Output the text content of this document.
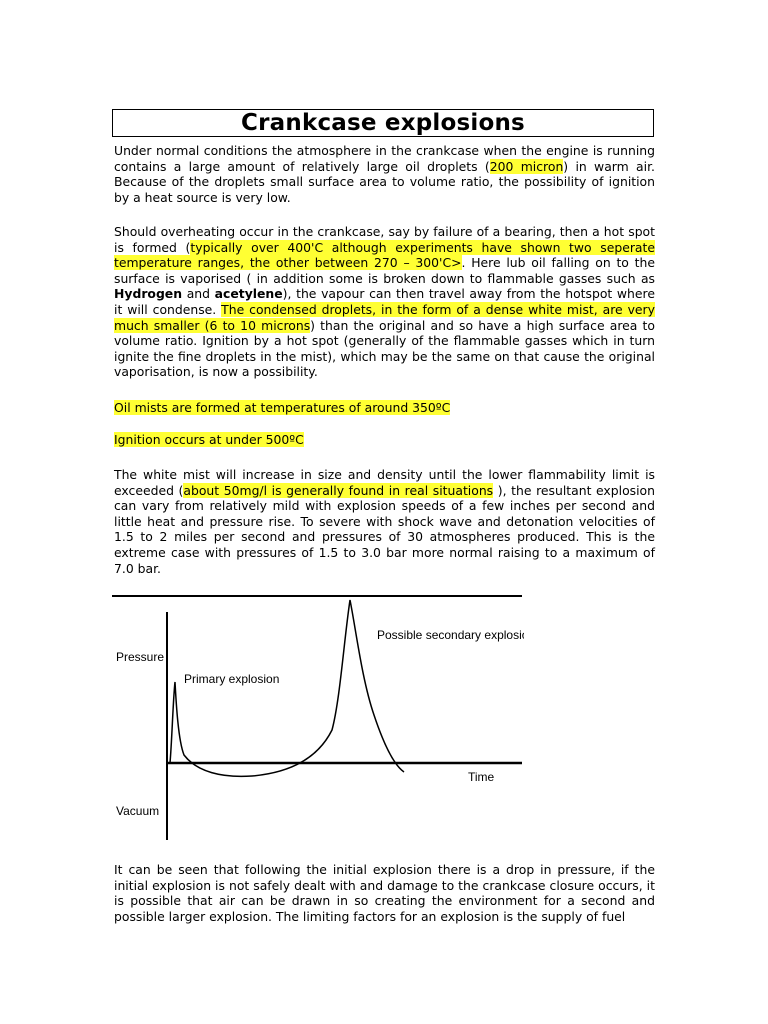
Crankcase explosions

Under normal conditions the atmosphere in the crankcase when the engine is running contains a large amount of relatively large oil droplets (200 micron) in warm air. Because of the droplets small surface area to volume ratio, the possibility of ignition by a heat source is very low.

Should overheating occur in the crankcase, say by failure of a bearing, then a hot spot is formed (typically over 400'C although experiments have shown two seperate temperature ranges, the other between 270 – 300'C>. Here lub oil falling on to the surface is vaporised ( in addition some is broken down to flammable gasses such as Hydrogen and acetylene), the vapour can then travel away from the hotspot where it will condense. The condensed droplets, in the form of a dense white mist, are very much smaller (6 to 10 microns) than the original and so have a high surface area to volume ratio. Ignition by a hot spot (generally of the flammable gasses which in turn ignite the fine droplets in the mist), which may be the same on that cause the original vaporisation, is now a possibility.

Oil mists are formed at temperatures of around 350ºC

Ignition occurs at under 500ºC

The white mist will increase in size and density until the lower flammability limit is exceeded (about 50mg/l is generally found in real situations ), the resultant explosion can vary from relatively mild with explosion speeds of a few inches per second and little heat and pressure rise. To severe with shock wave and detonation velocities of 1.5 to 2 miles per second and pressures of 30 atmospheres produced. This is the extreme case with pressures of 1.5 to 3.0 bar more normal raising to a maximum of 7.0 bar.

Pressure
Vacuum
Time
Primary explosion
Possible secondary explosion

It can be seen that following the initial explosion there is a drop in pressure, if the initial explosion is not safely dealt with and damage to the crankcase closure occurs, it is possible that air can be drawn in so creating the environment for a second and possible larger explosion. The limiting factors for an explosion is the supply of fuel
